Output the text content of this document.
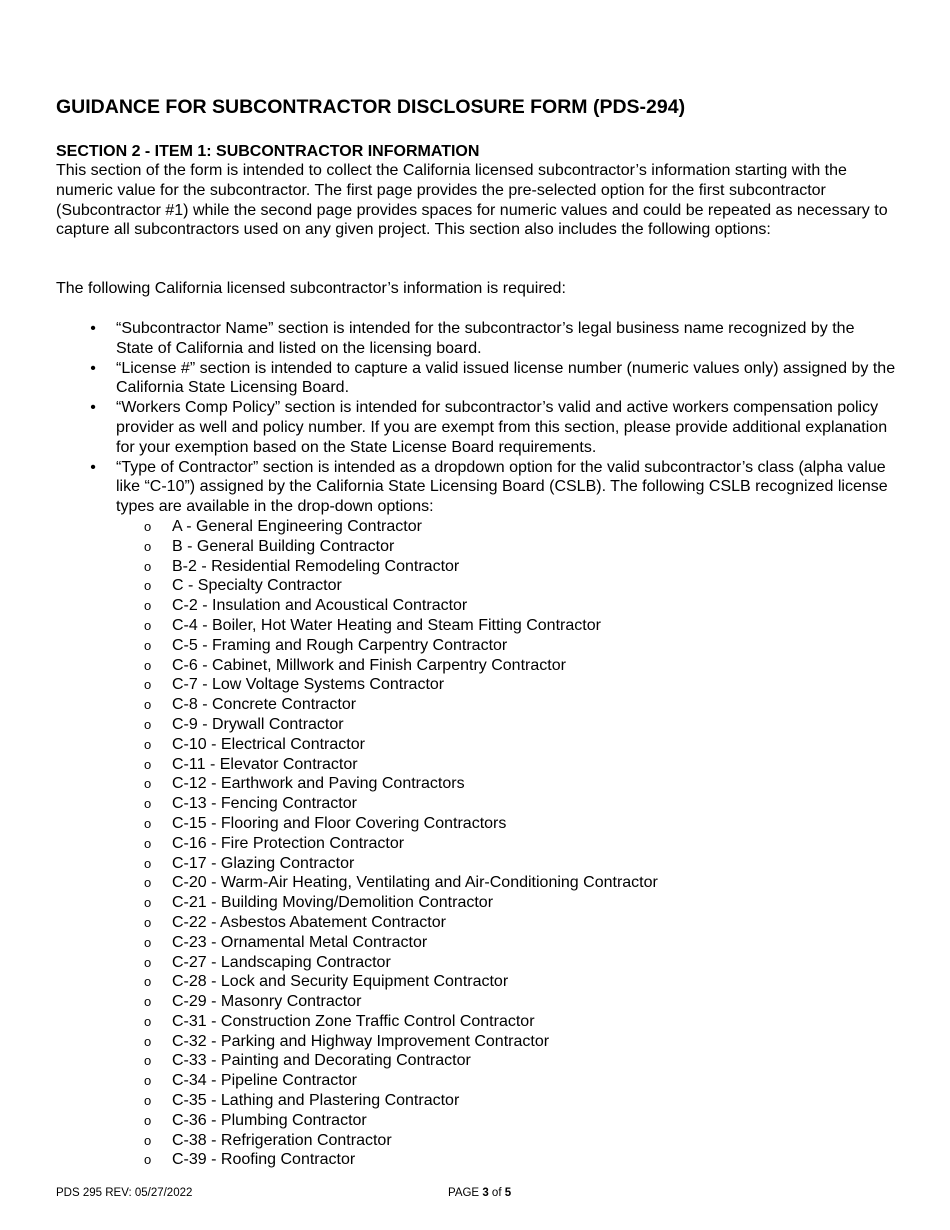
GUIDANCE FOR SUBCONTRACTOR DISCLOSURE FORM (PDS-294)
SECTION 2 - ITEM 1: SUBCONTRACTOR INFORMATION

This section of the form is intended to collect the California licensed subcontractor’s information starting with the numeric value for the subcontractor. The first page provides the pre-selected option for the first subcontractor (Subcontractor #1) while the second page provides spaces for numeric values and could be repeated as necessary to capture all subcontractors used on any given project. This section also includes the following options:

The following California licensed subcontractor’s information is required:

• “Subcontractor Name” section is intended for the subcontractor’s legal business name recognized by the State of California and listed on the licensing board.
• “License #” section is intended to capture a valid issued license number (numeric values only) assigned by the California State Licensing Board.
• “Workers Comp Policy” section is intended for subcontractor’s valid and active workers compensation policy provider as well and policy number. If you are exempt from this section, please provide additional explanation for your exemption based on the State License Board requirements.
• “Type of Contractor” section is intended as a dropdown option for the valid subcontractor’s class (alpha value like “C-10”) assigned by the California State Licensing Board (CSLB). The following CSLB recognized license types are available in the drop-down options:
o A - General Engineering Contractor
o B - General Building Contractor
o B-2 - Residential Remodeling Contractor
o C - Specialty Contractor
o C-2 - Insulation and Acoustical Contractor
o C-4 - Boiler, Hot Water Heating and Steam Fitting Contractor
o C-5 - Framing and Rough Carpentry Contractor
o C-6 - Cabinet, Millwork and Finish Carpentry Contractor
o C-7 - Low Voltage Systems Contractor
o C-8 - Concrete Contractor
o C-9 - Drywall Contractor
o C-10 - Electrical Contractor
o C-11 - Elevator Contractor
o C-12 - Earthwork and Paving Contractors
o C-13 - Fencing Contractor
o C-15 - Flooring and Floor Covering Contractors
o C-16 - Fire Protection Contractor
o C-17 - Glazing Contractor
o C-20 - Warm-Air Heating, Ventilating and Air-Conditioning Contractor
o C-21 - Building Moving/Demolition Contractor
o C-22 - Asbestos Abatement Contractor
o C-23 - Ornamental Metal Contractor
o C-27 - Landscaping Contractor
o C-28 - Lock and Security Equipment Contractor
o C-29 - Masonry Contractor
o C-31 - Construction Zone Traffic Control Contractor
o C-32 - Parking and Highway Improvement Contractor
o C-33 - Painting and Decorating Contractor
o C-34 - Pipeline Contractor
o C-35 - Lathing and Plastering Contractor
o C-36 - Plumbing Contractor
o C-38 - Refrigeration Contractor
o C-39 - Roofing Contractor
PDS 295 REV: 05/27/2022	PAGE 3 of 5
